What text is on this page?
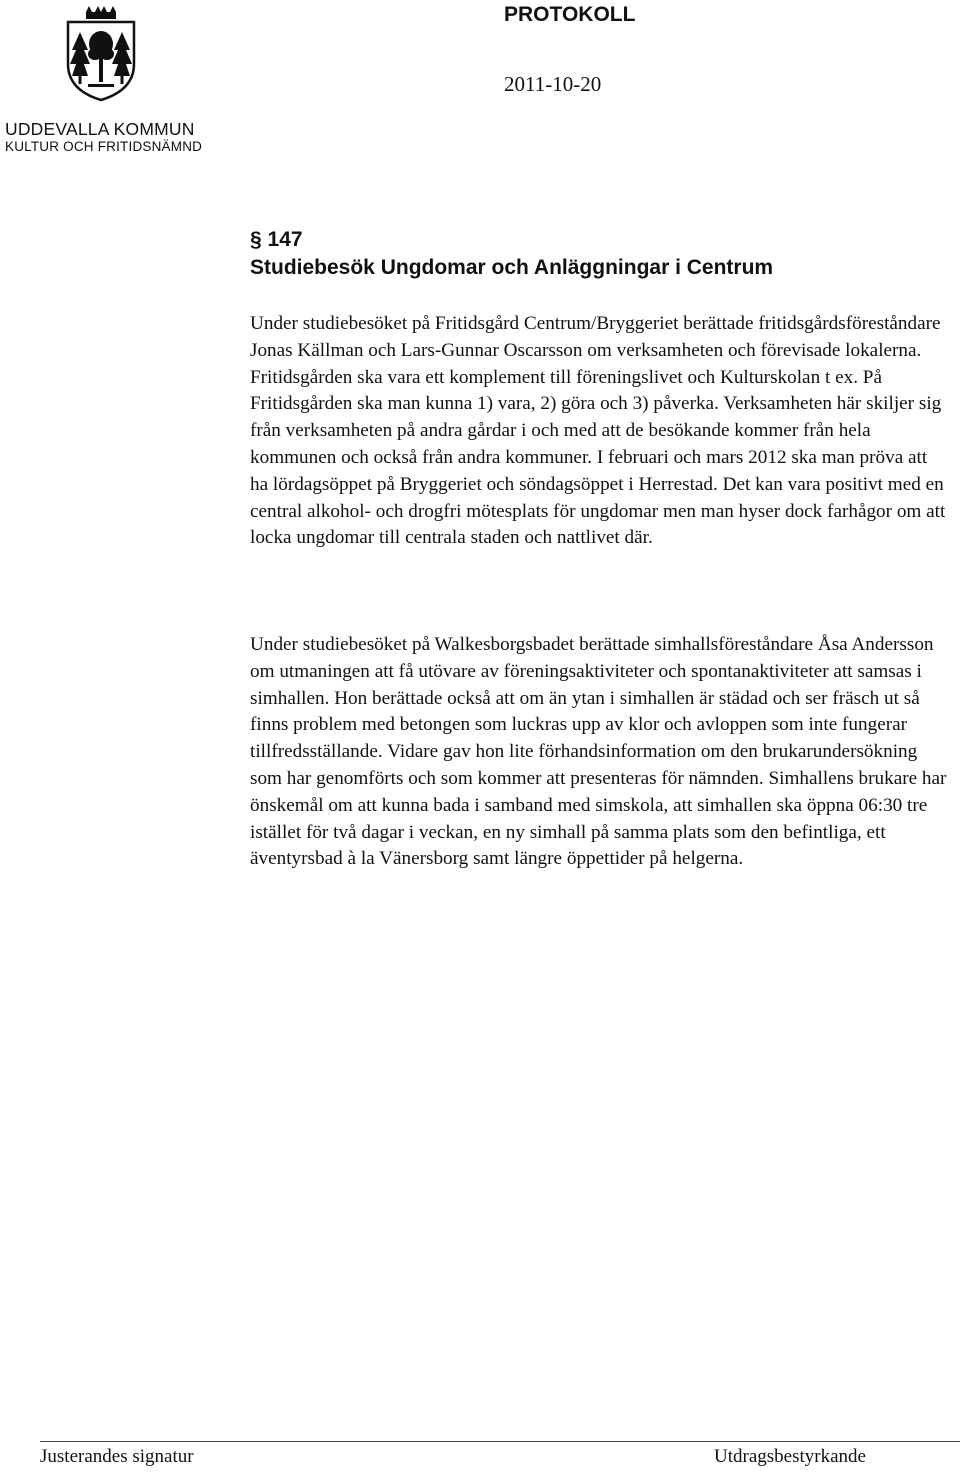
UDDEVALLA KOMMUN
KULTUR OCH FRITIDSNÄMND
PROTOKOLL
2011-10-20
§ 147
Studiebesök Ungdomar och Anläggningar i Centrum

Under studiebesöket på Fritidsgård Centrum/Bryggeriet berättade fritidsgårdsföreståndare Jonas Källman och Lars-Gunnar Oscarsson om verksamheten och förevisade lokalerna. Fritidsgården ska vara ett komplement till föreningslivet och Kulturskolan t ex. På Fritidsgården ska man kunna 1) vara, 2) göra och 3) påverka. Verksamheten här skiljer sig från verksamheten på andra gårdar i och med att de besökande kommer från hela kommunen och också från andra kommuner. I februari och mars 2012 ska man pröva att ha lördagsöppet på Bryggeriet och söndagsöppet i Herrestad. Det kan vara positivt med en central alkohol- och drogfri mötesplats för ungdomar men man hyser dock farhågor om att locka ungdomar till centrala staden och nattlivet där.

Under studiebesöket på Walkesborgsbadet berättade simhallsföreståndare Åsa Andersson om utmaningen att få utövare av föreningsaktiviteter och spontanaktiviteter att samsas i simhallen. Hon berättade också att om än ytan i simhallen är städad och ser fräsch ut så finns problem med betongen som luckras upp av klor och avloppen som inte fungerar tillfredsställande. Vidare gav hon lite förhandsinformation om den brukarundersökning som har genomförts och som kommer att presenteras för nämnden. Simhallens brukare har önskemål om att kunna bada i samband med simskola, att simhallen ska öppna 06:30 tre istället för två dagar i veckan, en ny simhall på samma plats som den befintliga, ett äventyrsbad à la Vänersborg samt längre öppettider på helgerna.

Justerandes signatur	Utdragsbestyrkande
